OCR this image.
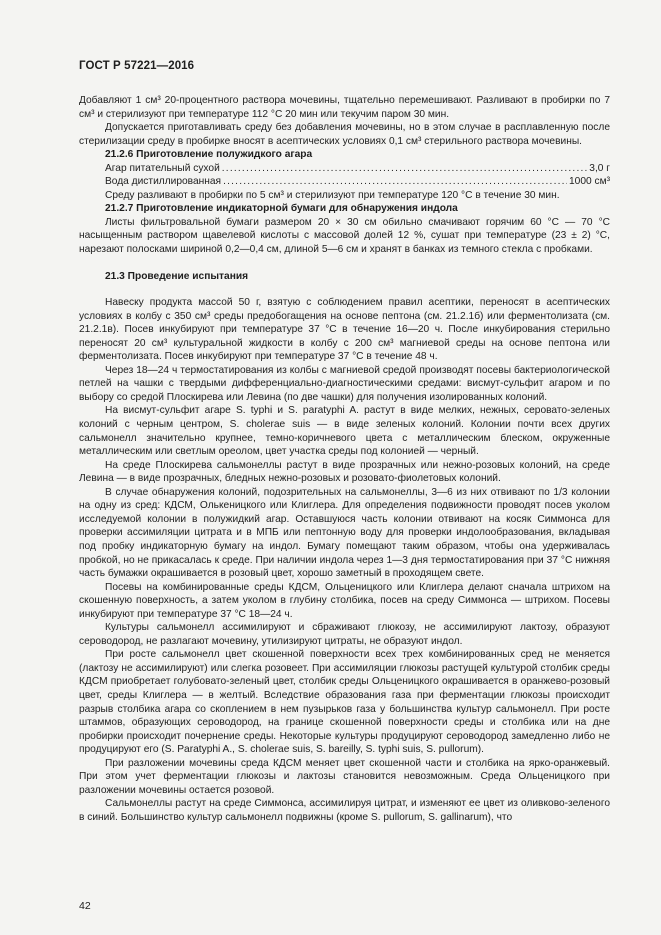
ГОСТ Р 57221—2016

Добавляют 1 см³ 20-процентного раствора мочевины, тщательно перемешивают. Разливают в пробирки по 7 см³ и стерилизуют при температуре 112 °С 20 мин или текучим паром 30 мин.

Допускается приготавливать среду без добавления мочевины, но в этом случае в расплавленную после стерилизации среду в пробирке вносят в асептических условиях 0,1 см³ стерильного раствора мочевины.

21.2.6 Приготовление полужидкого агара
Агар питательный сухой .....	3,0 г
Вода дистиллированная .....	1000 см³
Среду разливают в пробирки по 5 см³ и стерилизуют при температуре 120 °С в течение 30 мин.
21.2.7 Приготовление индикаторной бумаги для обнаружения индола

Листы фильтровальной бумаги размером 20 × 30 см обильно смачивают горячим 60 °С — 70 °С насыщенным раствором щавелевой кислоты с массовой долей 12 %, сушат при температуре (23 ± 2) °С, нарезают полосками шириной 0,2—0,4 см, длиной 5—6 см и хранят в банках из темного стекла с пробками.

21.3 Проведение испытания

Навеску продукта массой 50 г, взятую с соблюдением правил асептики, переносят в асептических условиях в колбу с 350 см³ среды предобогащения на основе пептона (см. 21.2.1б) или ферментолизата (см. 21.2.1в). Посев инкубируют при температуре 37 °С в течение 16—20 ч. После инкубирования стерильно переносят 20 см³ культуральной жидкости в колбу с 200 см³ магниевой среды на основе пептона или ферментолизата. Посев инкубируют при температуре 37 °С в течение 48 ч.

Через 18—24 ч термостатирования из колбы с магниевой средой производят посевы бактериологической петлей на чашки с твердыми дифференциально-диагностическими средами: висмут-сульфит агаром и по выбору со средой Плоскирева или Левина (по две чашки) для получения изолированных колоний.

На висмут-сульфит агаре S. typhi и S. paratyphi A. растут в виде мелких, нежных, серовато-зеленых колоний с черным центром, S. cholerae suis — в виде зеленых колоний. Колонии почти всех других сальмонелл значительно крупнее, темно-коричневого цвета с металлическим блеском, окруженные металлическим или светлым ореолом, цвет участка среды под колонией — черный.

На среде Плоскирева сальмонеллы растут в виде прозрачных или нежно-розовых колоний, на среде Левина — в виде прозрачных, бледных нежно-розовых и розовато-фиолетовых колоний.

В случае обнаружения колоний, подозрительных на сальмонеллы, 3—6 из них отвивают по 1/3 колонии на одну из сред: КДСМ, Олькеницкого или Клиглера. Для определения подвижности проводят посев уколом исследуемой колонии в полужидкий агар. Оставшуюся часть колонии отвивают на косяк Симмонса для проверки ассимиляции цитрата и в МПБ или пептонную воду для проверки индолообразования, вкладывая под пробку индикаторную бумагу на индол. Бумагу помещают таким образом, чтобы она удерживалась пробкой, но не прикасалась к среде. При наличии индола через 1—3 дня термостатирования при 37 °С нижняя часть бумажки окрашивается в розовый цвет, хорошо заметный в проходящем свете.

Посевы на комбинированные среды КДСМ, Ольценицкого или Клиглера делают сначала штрихом на скошенную поверхность, а затем уколом в глубину столбика, посев на среду Симмонса — штрихом. Посевы инкубируют при температуре 37 °С 18—24 ч.

Культуры сальмонелл ассимилируют и сбраживают глюкозу, не ассимилируют лактозу, образуют сероводород, не разлагают мочевину, утилизируют цитраты, не образуют индол.

При росте сальмонелл цвет скошенной поверхности всех трех комбинированных сред не меняется (лактозу не ассимилируют) или слегка розовеет. При ассимиляции глюкозы растущей культурой столбик среды КДСМ приобретает голубовато-зеленый цвет, столбик среды Ольценицкого окрашивается в оранжево-розовый цвет, среды Клиглера — в желтый. Вследствие образования газа при ферментации глюкозы происходит разрыв столбика агара со скоплением в нем пузырьков газа у большинства культур сальмонелл. При росте штаммов, образующих сероводород, на границе скошенной поверхности среды и столбика или на дне пробирки происходит почернение среды. Некоторые культуры продуцируют сероводород замедленно либо не продуцируют его (S. Paratyphi A., S. cholerae suis, S. bareilly, S. typhi suis, S. pullorum).

При разложении мочевины среда КДСМ меняет цвет скошенной части и столбика на ярко-оранжевый. При этом учет ферментации глюкозы и лактозы становится невозможным. Среда Ольценицкого при разложении мочевины остается розовой.

Сальмонеллы растут на среде Симмонса, ассимилируя цитрат, и изменяют ее цвет из оливково-зеленого в синий. Большинство культур сальмонелл подвижны (кроме S. pullorum, S. gallinarum), что

42
